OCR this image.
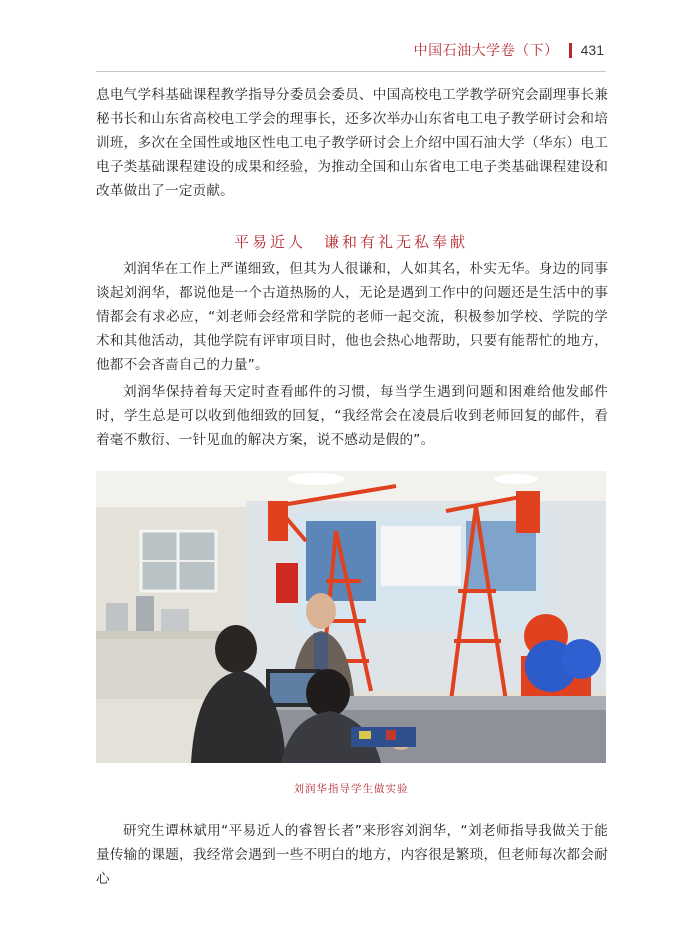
中国石油大学卷（下） 431

息电气学科基础课程教学指导分委员会委员、中国高校电工学教学研究会副理事长兼秘书长和山东省高校电工学会的理事长，还多次举办山东省电工电子教学研讨会和培训班，多次在全国性或地区性电工电子教学研讨会上介绍中国石油大学（华东）电工电子类基础课程建设的成果和经验，为推动全国和山东省电工电子类基础课程建设和改革做出了一定贡献。

平易近人　谦和有礼无私奉献

刘润华在工作上严谨细致，但其为人很谦和，人如其名，朴实无华。身边的同事谈起刘润华，都说他是一个古道热肠的人，无论是遇到工作中的问题还是生活中的事情都会有求必应，“刘老师会经常和学院的老师一起交流，积极参加学校、学院的学术和其他活动，其他学院有评审项目时，他也会热心地帮助，只要有能帮忙的地方，他都不会吝啬自己的力量”。

刘润华保持着每天定时查看邮件的习惯，每当学生遇到问题和困难给他发邮件时，学生总是可以收到他细致的回复，“我经常会在凌晨后收到老师回复的邮件，看着毫不敷衍、一针见血的解决方案，说不感动是假的”。

刘润华指导学生做实验

研究生谭林斌用“平易近人的睿智长者”来形容刘润华，“刘老师指导我做关于能量传输的课题，我经常会遇到一些不明白的地方，内容很是繁琐，但老师每次都会耐心
